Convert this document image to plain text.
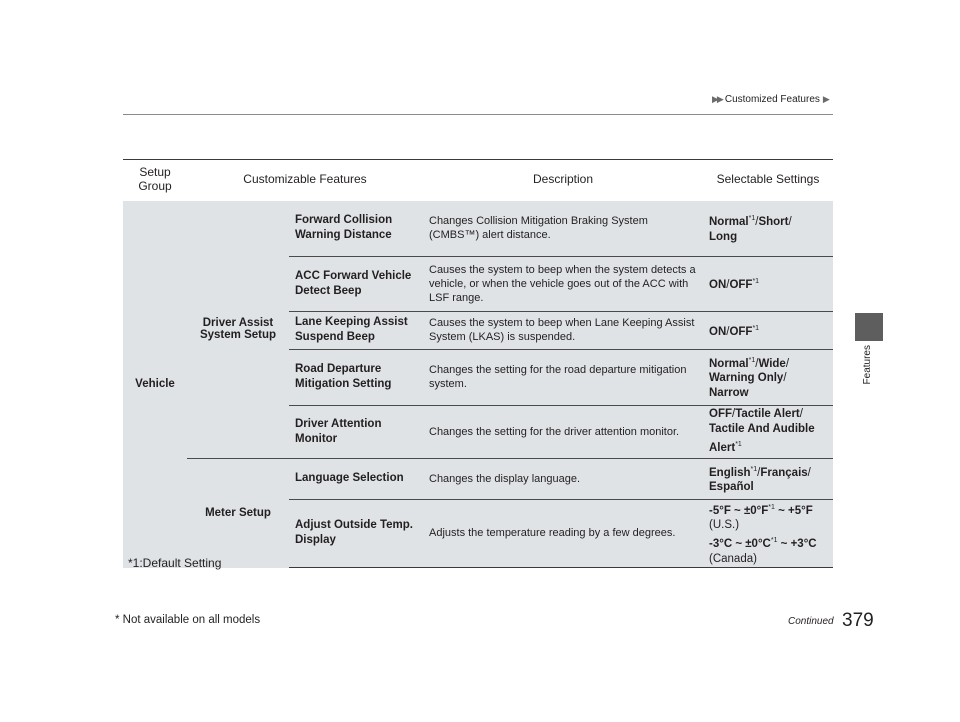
▶▶ Customized Features ▶
Features
Setup Group	Customizable Features		Description	Selectable Settings
Vehicle	Driver Assist System Setup	Forward Collision Warning Distance	Changes Collision Mitigation Braking System (CMBS™) alert distance.	Normal$^{*1}$/Short/
Long
		ACC Forward Vehicle Detect Beep	Causes the system to beep when the system detects a vehicle, or when the vehicle goes out of the ACC with LSF range.	ON/OFF$^{*1}$
		Lane Keeping Assist Suspend Beep	Causes the system to beep when Lane Keeping Assist System (LKAS) is suspended.	ON/OFF$^{*1}$
		Road Departure Mitigation Setting	Changes the setting for the road departure mitigation system.	Normal$^{*1}$/Wide/
Warning Only/
Narrow
		Driver Attention Monitor	Changes the setting for the driver attention monitor.	OFF/Tactile Alert/
Tactile And Audible
Alert$^{*1}$
	Meter Setup	Language Selection	Changes the display language.	English$^{*1}$/Français/
Español
		Adjust Outside Temp. Display	Adjusts the temperature reading by a few degrees.	-5°F ~ $\pm 0^\circ F^{*1}$ ~ +5°F
(U.S.)
-3°C ~ $\pm 0^\circ C^{*1}$ ~ +3°C
(Canada)
*1:Default Setting
Continued 379
* Not available on all models
